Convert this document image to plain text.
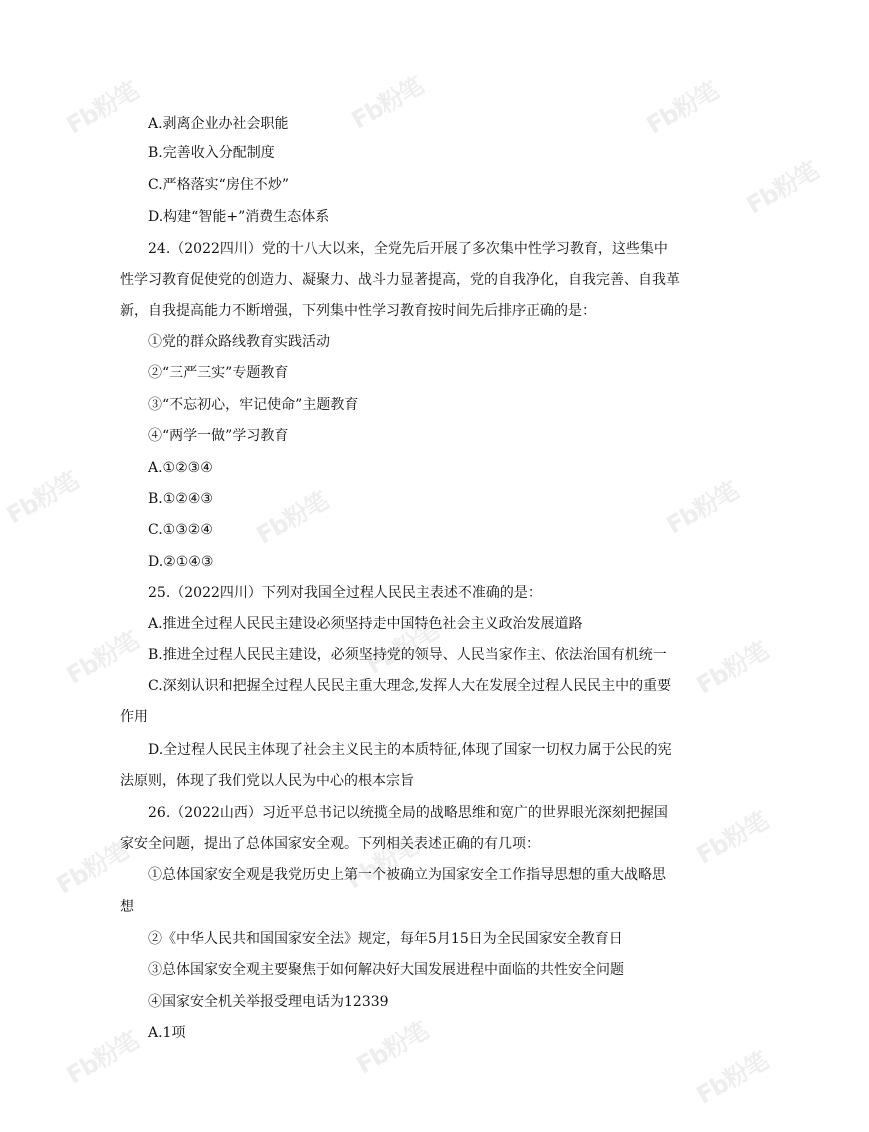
Fb粉笔	Fb粉笔	Fb粉笔
Fb粉笔
Fb粉笔	Fb粉笔	Fb粉笔
Fb粉笔	Fb粉笔	Fb粉笔
Fb粉笔	Fb粉笔	Fb粉笔
Fb粉笔	Fb粉笔	Fb粉笔

A.剥离企业办社会职能

B.完善收入分配制度

C.严格落实“房住不炒”

D.构建“智能+”消费生态体系

24.（2022四川）党的十八大以来，全党先后开展了多次集中性学习教育，这些集中

性学习教育促使党的创造力、凝聚力、战斗力显著提高，党的自我净化，自我完善、自我革

新，自我提高能力不断增强，下列集中性学习教育按时间先后排序正确的是：

①党的群众路线教育实践活动

②“三严三实”专题教育

③“不忘初心，牢记使命”主题教育

④“两学一做”学习教育

A.①②③④

B.①②④③

C.①③②④

D.②①④③

25.（2022四川）下列对我国全过程人民民主表述不准确的是：

A.推进全过程人民民主建设必须坚持走中国特色社会主义政治发展道路

B.推进全过程人民民主建设，必须坚持党的领导、人民当家作主、依法治国有机统一

C.深刻认识和把握全过程人民民主重大理念,发挥人大在发展全过程人民民主中的重要

作用

D.全过程人民民主体现了社会主义民主的本质特征,体现了国家一切权力属于公民的宪

法原则，体现了我们党以人民为中心的根本宗旨

26.（2022山西）习近平总书记以统揽全局的战略思维和宽广的世界眼光深刻把握国

家安全问题，提出了总体国家安全观。下列相关表述正确的有几项：

①总体国家安全观是我党历史上第一个被确立为国家安全工作指导思想的重大战略思

想

②《中华人民共和国国家安全法》规定，每年5月15日为全民国家安全教育日

③总体国家安全观主要聚焦于如何解决好大国发展进程中面临的共性安全问题

④国家安全机关举报受理电话为12339

A.1项
